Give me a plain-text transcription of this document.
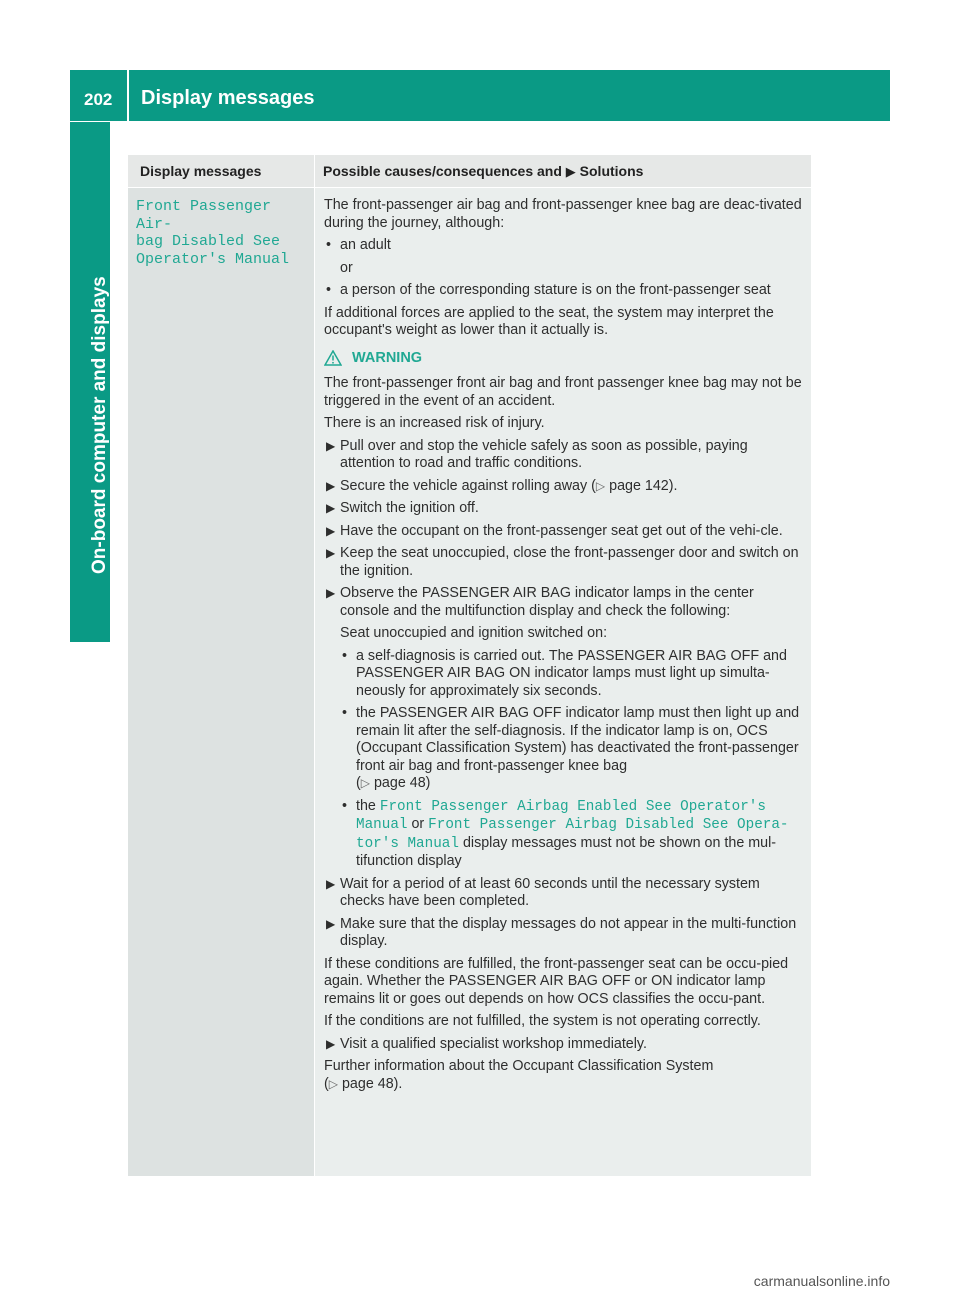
202 Display messages
On-board computer and displays
Display messages	Possible causes/consequences and ▶ Solutions
Front Passenger Air‐
bag Disabled See
Operator's Manual

The front-passenger air bag and front-passenger knee bag are deac-tivated during the journey, although:

• an adult

or

• a person of the corresponding stature is on the front-passenger seat

If additional forces are applied to the seat, the system may interpret the occupant's weight as lower than it actually is.

WARNING

The front-passenger front air bag and front passenger knee bag may not be triggered in the event of an accident.

There is an increased risk of injury.

▶ Pull over and stop the vehicle safely as soon as possible, paying attention to road and traffic conditions.
▶ Secure the vehicle against rolling away (▷ page 142).
▶ Switch the ignition off.
▶ Have the occupant on the front-passenger seat get out of the vehi-cle.
▶ Keep the seat unoccupied, close the front-passenger door and switch on the ignition.
▶ Observe the PASSENGER AIR BAG indicator lamps in the center console and the multifunction display and check the following:

Seat unoccupied and ignition switched on:

• a self-diagnosis is carried out. The PASSENGER AIR BAG OFF and PASSENGER AIR BAG ON indicator lamps must light up simulta-neously for approximately six seconds.
• the PASSENGER AIR BAG OFF indicator lamp must then light up and remain lit after the self-diagnosis. If the indicator lamp is on, OCS (Occupant Classification System) has deactivated the front-passenger front air bag and front-passenger knee bag
(▷ page 48)
• the Front Passenger Airbag Enabled See Operator's Manual or Front Passenger Airbag Disabled See Opera‐tor's Manual display messages must not be shown on the mul-tifunction display
▶ Wait for a period of at least 60 seconds until the necessary system checks have been completed.
▶ Make sure that the display messages do not appear in the multi-function display.

If these conditions are fulfilled, the front-passenger seat can be occu-pied again. Whether the PASSENGER AIR BAG OFF or ON indicator lamp remains lit or goes out depends on how OCS classifies the occu-pant.

If the conditions are not fulfilled, the system is not operating correctly.

▶ Visit a qualified specialist workshop immediately.

Further information about the Occupant Classification System
(▷ page 48).

carmanualsonline.info
